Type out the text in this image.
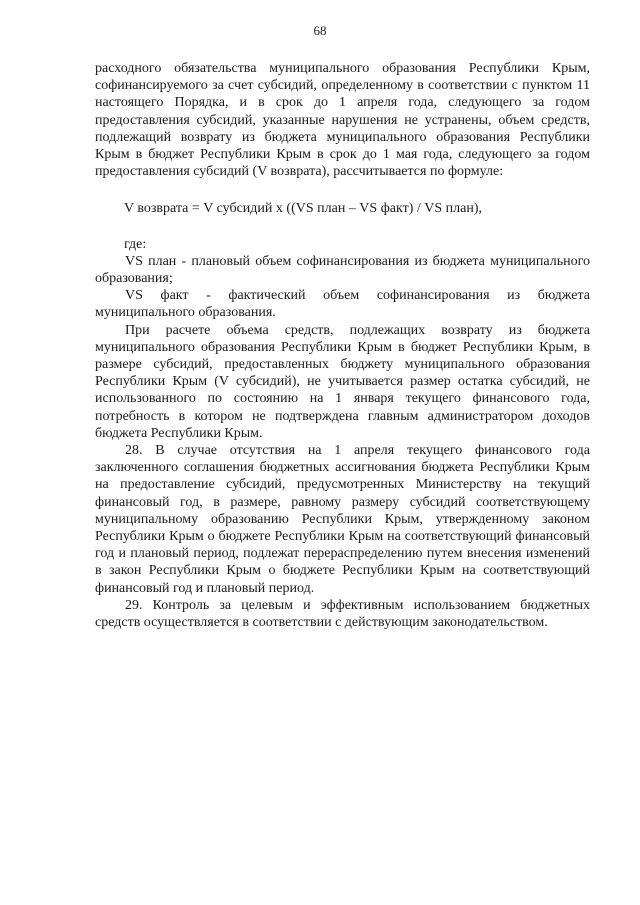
68

расходного обязательства муниципального образования Республики Крым, софинансируемого за счет субсидий, определенному в соответствии с пунктом 11 настоящего Порядка, и в срок до 1 апреля года, следующего за годом предоставления субсидий, указанные нарушения не устранены, объем средств, подлежащий возврату из бюджета муниципального образования Республики Крым в бюджет Республики Крым в срок до 1 мая года, следующего за годом предоставления субсидий (V возврата), рассчитывается по формуле:

V возврата = V субсидий х ((VS план – VS факт) / VS план),

где:

VS план - плановый объем софинансирования из бюджета муниципального образования;

VS факт - фактический объем софинансирования из бюджета муниципального образования.

При расчете объема средств, подлежащих возврату из бюджета муниципального образования Республики Крым в бюджет Республики Крым, в размере субсидий, предоставленных бюджету муниципального образования Республики Крым (V субсидий), не учитывается размер остатка субсидий, не использованного по состоянию на 1 января текущего финансового года, потребность в котором не подтверждена главным администратором доходов бюджета Республики Крым.

28. В случае отсутствия на 1 апреля текущего финансового года заключенного соглашения бюджетных ассигнования бюджета Республики Крым на предоставление субсидий, предусмотренных Министерству на текущий финансовый год, в размере, равному размеру субсидий соответствующему муниципальному образованию Республики Крым, утвержденному законом Республики Крым о бюджете Республики Крым на соответствующий финансовый год и плановый период, подлежат перераспределению путем внесения изменений в закон Республики Крым о бюджете Республики Крым на соответствующий финансовый год и плановый период.

29. Контроль за целевым и эффективным использованием бюджетных средств осуществляется в соответствии с действующим законодательством.
